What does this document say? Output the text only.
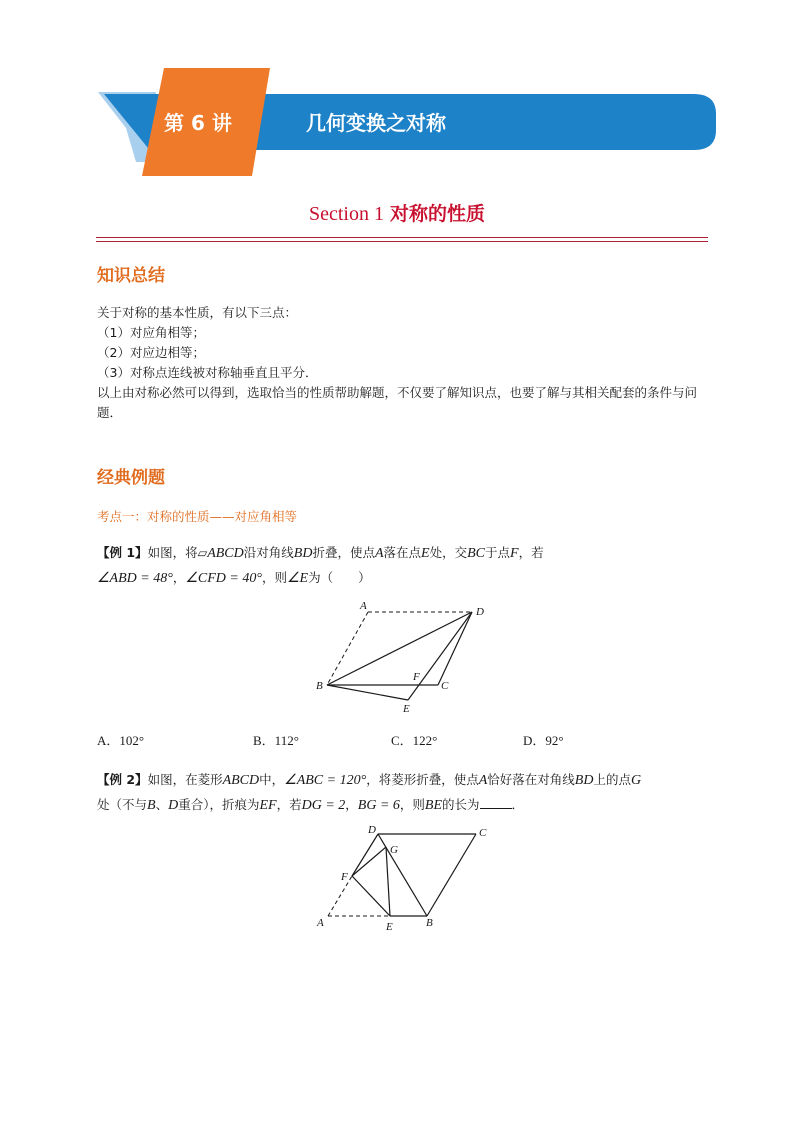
第 6 讲	几何变换之对称
Section 1 对称的性质
知识总结

关于对称的基本性质，有以下三点：

（1）对应角相等；

（2）对应边相等；

（3）对称点连线被对称轴垂直且平分．

以上由对称必然可以得到，选取恰当的性质帮助解题，不仅要了解知识点，也要了解与其相关配套的条件与问题．

经典例题
考点一：对称的性质——对应角相等

【例 1】如图，将▱ABCD沿对角线BD折叠，使点A落在点E处，交BC于点F，若

∠ABD = 48°，∠CFD = 40°，则∠E为（　　）

A	D
B
F
C
E
A．102°	B．112°	C．122°	D．92°

【例 2】如图，在菱形ABCD中，∠ABC = 120°，将菱形折叠，使点A恰好落在对角线BD上的点G

处（不与B、D重合），折痕为EF，若DG = 2，BG = 6，则BE的长为	．

D	C
G
F
A	E	B
